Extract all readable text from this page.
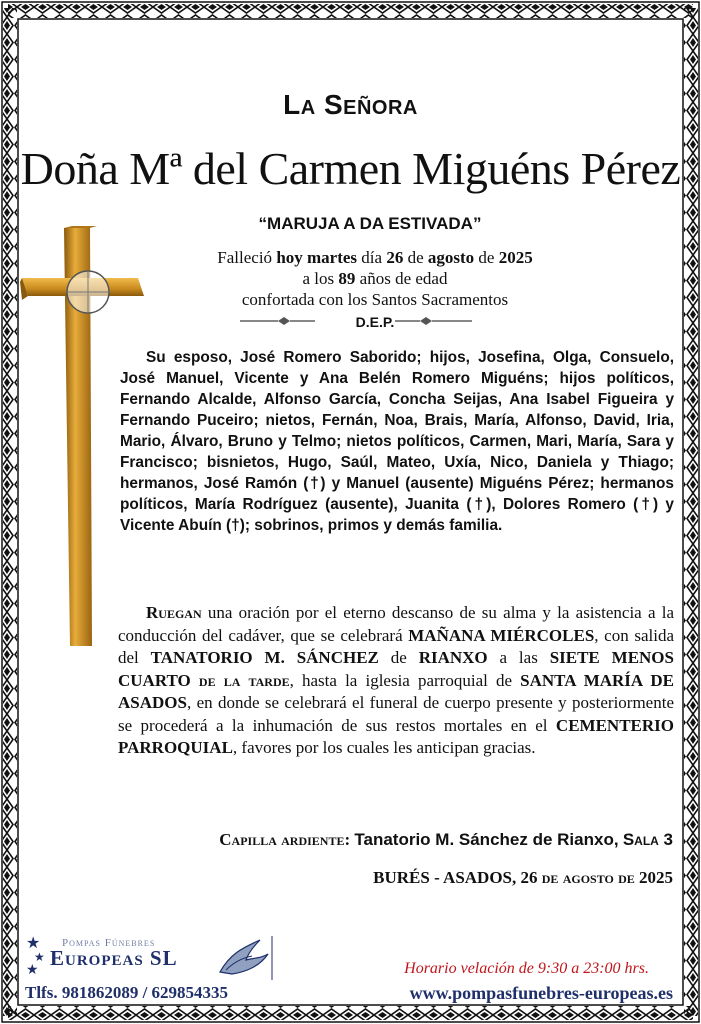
La Señora
Doña Mª del Carmen Miguéns Pérez
“MARUJA A DA ESTIVADA”
Falleció hoy martes día 26 de agosto de 2025
a los 89 años de edad
confortada con los Santos Sacramentos
D.E.P.
Su esposo, José Romero Saborido; hijos, Josefina, Olga, Consuelo, José Manuel, Vicente y Ana Belén Romero Miguéns; hijos políticos, Fernando Alcalde, Alfonso García, Concha Seijas, Ana Isabel Figueira y Fernando Puceiro; nietos, Fernán, Noa, Brais, María, Alfonso, David, Iria, Mario, Álvaro, Bruno y Telmo; nietos políticos, Carmen, Mari, María, Sara y Francisco; bisnietos, Hugo, Saúl, Mateo, Uxía, Nico, Daniela y Thiago; hermanos, José Ramón (†) y Manuel (ausente) Miguéns Pérez; hermanos políticos, María Rodríguez (ausente), Juanita (†), Dolores Romero (†) y Vicente Abuín (†); sobrinos, primos y demás familia.
Ruegan una oración por el eterno descanso de su alma y la asistencia a la conducción del cadáver, que se celebrará MAÑANA MIÉRCOLES, con salida del TANATORIO M. SÁNCHEZ de RIANXO a las SIETE MENOS CUARTO de la tarde, hasta la iglesia parroquial de SANTA MARÍA DE ASADOS, en donde se celebrará el funeral de cuerpo presente y posteriormente se procederá a la inhumación de sus restos mortales en el CEMENTERIO PARROQUIAL, favores por los cuales les anticipan gracias.
Capilla ardiente: Tanatorio M. Sánchez de Rianxo, Sala 3
BURÉS - ASADOS, 26 de agosto de 2025
★
★
★
Pompas Fúnebres
Europeas SL	Horario velación de 9:30 a 23:00 hrs.
Tlfs. 981862089 / 629854335	www.pompasfunebres-europeas.es
